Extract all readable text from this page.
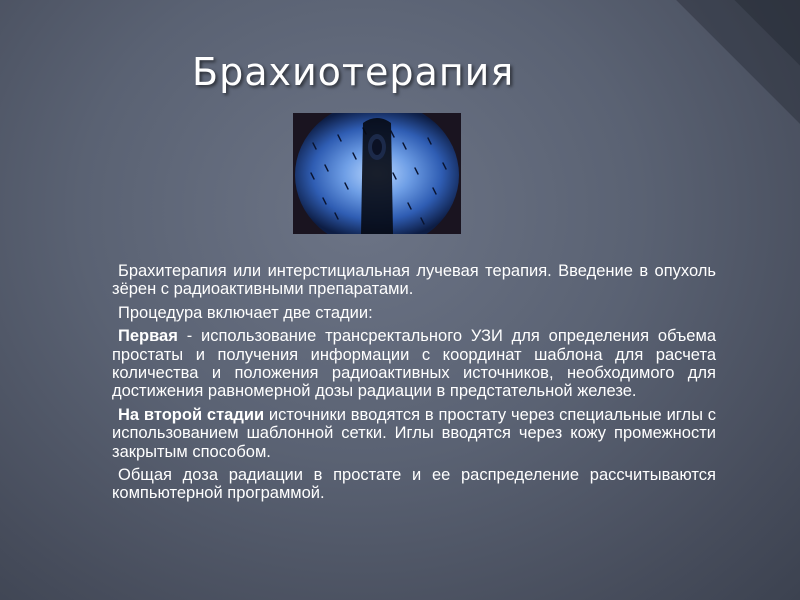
Брахиотерапия

Брахитерапия или интерстициальная лучевая терапия. Введение в опухоль зёрен с радиоактивными препаратами.

Процедура включает две стадии:

Первая - использование трансректального УЗИ для определения объема простаты и получения информации с координат шаблона для расчета количества и положения радиоактивных источников, необходимого для достижения равномерной дозы радиации в предстательной железе.

На второй стадии источники вводятся в простату через специальные иглы с использованием шаблонной сетки. Иглы вводятся через кожу промежности закрытым способом.

Общая доза радиации в простате и ее распределение рассчитываются компьютерной программой.
